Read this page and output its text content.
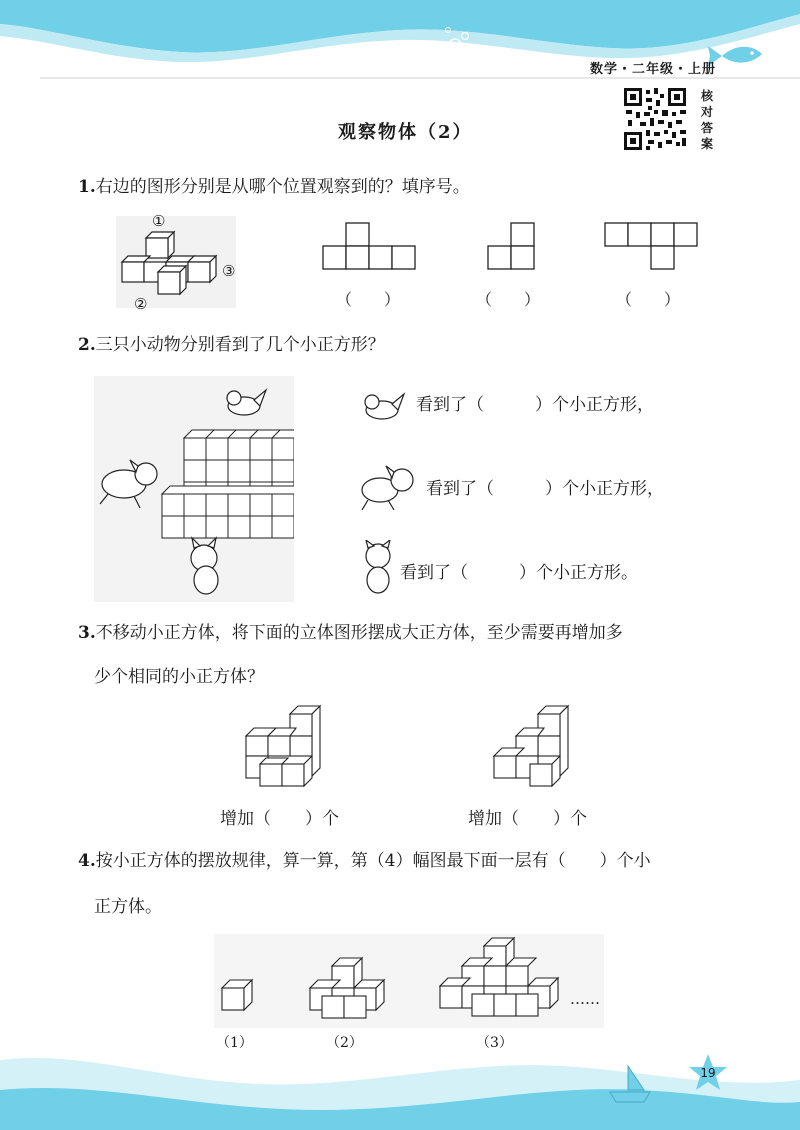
数学・二年级・上册
核
对
答
案
观察物体（2）
1.右边的图形分别是从哪个位置观察到的？填序号。
①
②
③
（　　）	（　　）	（　　）
2.三只小动物分别看到了几个小正方形？
看到了（　　　）个小正方形，
看到了（　　　）个小正方形，
看到了（　　　）个小正方形。
3.不移动小正方体，将下面的立体图形摆成大正方体，至少需要再增加多
少个相同的小正方体？
增加（　　）个	增加（　　）个
4.按小正方体的摆放规律，算一算，第（4）幅图最下面一层有（　　）个小
正方体。
……
（1）	（2）	（3）
19
